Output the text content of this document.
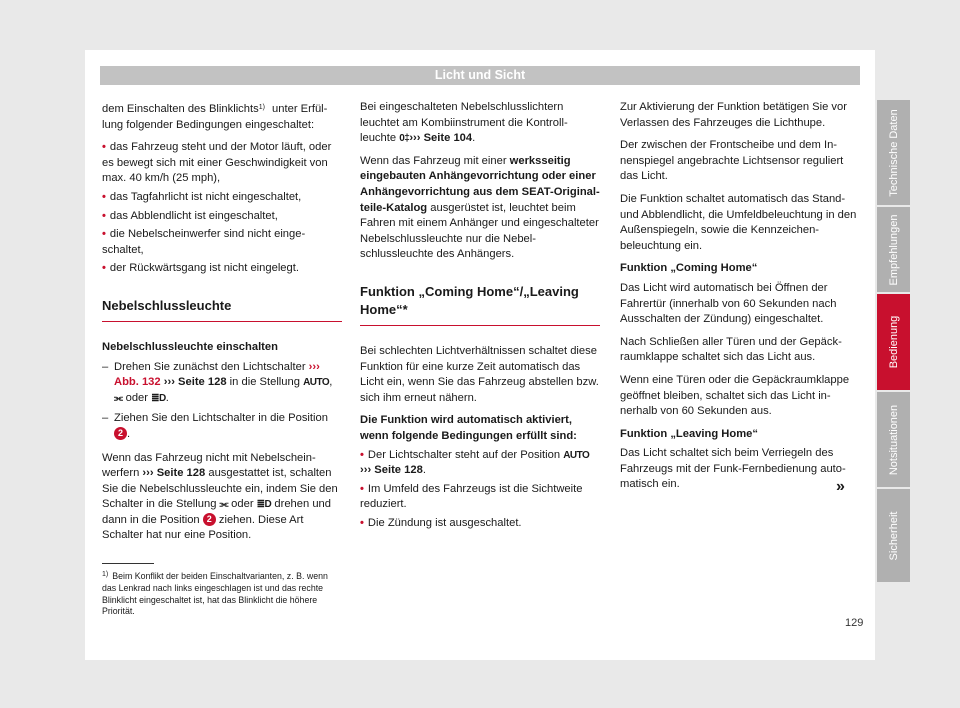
Licht und Sicht

dem Einschalten des Blinklichts$^{1)}$ unter Erfüllung folgender Bedingungen eingeschaltet:

• das Fahrzeug steht und der Motor läuft, oder es bewegt sich mit einer Geschwindigkeit von max. 40 km/h (25 mph),
• das Tagfahrlicht ist nicht eingeschaltet,
• das Abblendlicht ist eingeschaltet,
• die Nebelscheinwerfer sind nicht eingeschaltet,
• der Rückwärtsgang ist nicht eingelegt.
Nebelschlussleuchte
Nebelschlussleuchte einschalten
– Drehen Sie zunächst den Lichtschalter ››› Abb. 132 ››› Seite 128 in die Stellung AUTO, ⫘ oder ≣D.
– Ziehen Sie den Lichtschalter in die Position 2 .

Wenn das Fahrzeug nicht mit Nebelscheinwerfern ››› Seite 128 ausgestattet ist, schalten Sie die Nebelschlussleuchte ein, indem Sie den Schalter in die Stellung ⫘ oder ≣D drehen und dann in die Position 2 ziehen. Diese Art Schalter hat nur eine Position.

Bei eingeschalteten Nebelschlusslichtern leuchtet am Kombiinstrument die Kontrollleuchte 0‡››› Seite 104.

Wenn das Fahrzeug mit einer werksseitig eingebauten Anhängevorrichtung oder einer Anhängevorrichtung aus dem SEAT-Originalteile-Katalog ausgerüstet ist, leuchtet beim Fahren mit einem Anhänger und eingeschalteter Nebelschlussleuchte nur die Nebelschlussleuchte des Anhängers.

Funktion „Coming Home“/„Leaving Home“*

Bei schlechten Lichtverhältnissen schaltet diese Funktion für eine kurze Zeit automatisch das Licht ein, wenn Sie das Fahrzeug abstellen bzw. sich ihm erneut nähern.

Die Funktion wird automatisch aktiviert, wenn folgende Bedingungen erfüllt sind:

• Der Lichtschalter steht auf der Position AUTO ››› Seite 128.
• Im Umfeld des Fahrzeugs ist die Sichtweite reduziert.
• Die Zündung ist ausgeschaltet.

Zur Aktivierung der Funktion betätigen Sie vor Verlassen des Fahrzeuges die Lichthupe.

Der zwischen der Frontscheibe und dem Innenspiegel angebrachte Lichtsensor reguliert das Licht.

Die Funktion schaltet automatisch das Stand- und Abblendlicht, die Umfeldbeleuchtung in den Außenspiegeln, sowie die Kennzeichenbeleuchtung ein.

Funktion „Coming Home“

Das Licht wird automatisch bei Öffnen der Fahrertür (innerhalb von 60 Sekunden nach Ausschalten der Zündung) eingeschaltet.

Nach Schließen aller Türen und der Gepäckraumklappe schaltet sich das Licht aus.

Wenn eine Türen oder die Gepäckraumklappe geöffnet bleiben, schaltet sich das Licht innerhalb von 60 Sekunden aus.

Funktion „Leaving Home“

Das Licht schaltet sich beim Verriegeln des Fahrzeugs mit der Funk-Fernbedienung automatisch ein.	»
$^{1)}$ Beim Konflikt der beiden Einschaltvarianten, z. B. wenn das Lenkrad nach links eingeschlagen ist und das rechte Blinklicht eingeschaltet ist, hat das Blinklicht die höhere Priorität.
Technische Daten
Empfehlungen
Bedienung
Notsituationen
Sicherheit
129
